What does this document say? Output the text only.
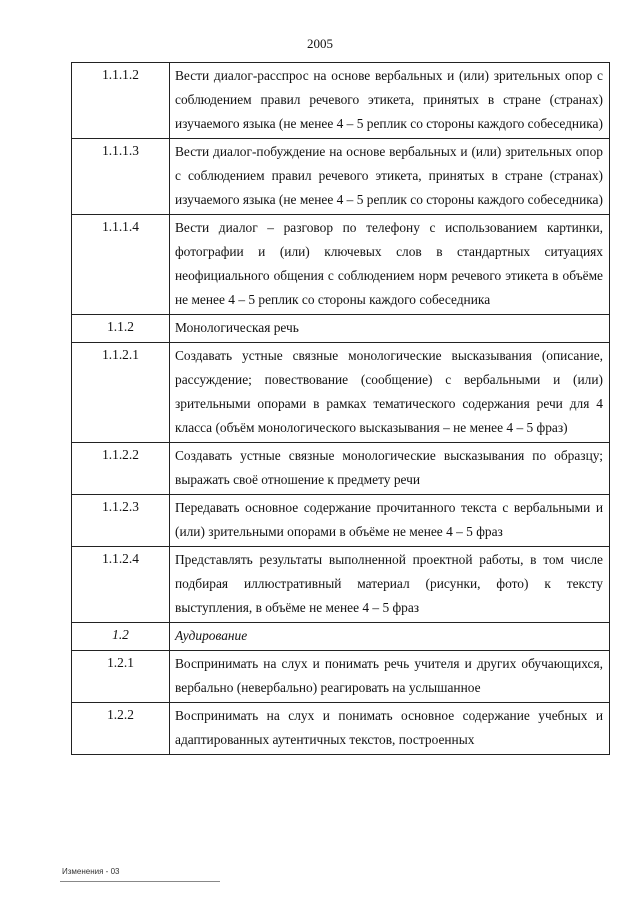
2005
1.1.1.2	Вести диалог-расспрос на основе вербальных и (или) зрительных опор с соблюдением правил речевого этикета, принятых в стране (странах) изучаемого языка (не менее 4 – 5 реплик со стороны каждого собеседника)
1.1.1.3	Вести диалог-побуждение на основе вербальных и (или) зрительных опор с соблюдением правил речевого этикета, принятых в стране (странах) изучаемого языка (не менее 4 – 5 реплик со стороны каждого собеседника)
1.1.1.4	Вести диалог – разговор по телефону с использованием картинки, фотографии и (или) ключевых слов в стандартных ситуациях неофициального общения с соблюдением норм речевого этикета в объёме не менее 4 – 5 реплик со стороны каждого собеседника
1.1.2	Монологическая речь
1.1.2.1	Создавать устные связные монологические высказывания (описание, рассуждение; повествование (сообщение) с вербальными и (или) зрительными опорами в рамках тематического содержания речи для 4 класса (объём монологического высказывания – не менее 4 – 5 фраз)
1.1.2.2	Создавать устные связные монологические высказывания по образцу; выражать своё отношение к предмету речи
1.1.2.3	Передавать основное содержание прочитанного текста с вербальными и (или) зрительными опорами в объёме не менее 4 – 5 фраз
1.1.2.4	Представлять результаты выполненной проектной работы, в том числе подбирая иллюстративный материал (рисунки, фото) к тексту выступления, в объёме не менее 4 – 5 фраз
1.2	Аудирование
1.2.1	Воспринимать на слух и понимать речь учителя и других обучающихся, вербально (невербально) реагировать на услышанное
1.2.2	Воспринимать на слух и понимать основное содержание учебных и адаптированных аутентичных текстов, построенных
Изменения - 03
